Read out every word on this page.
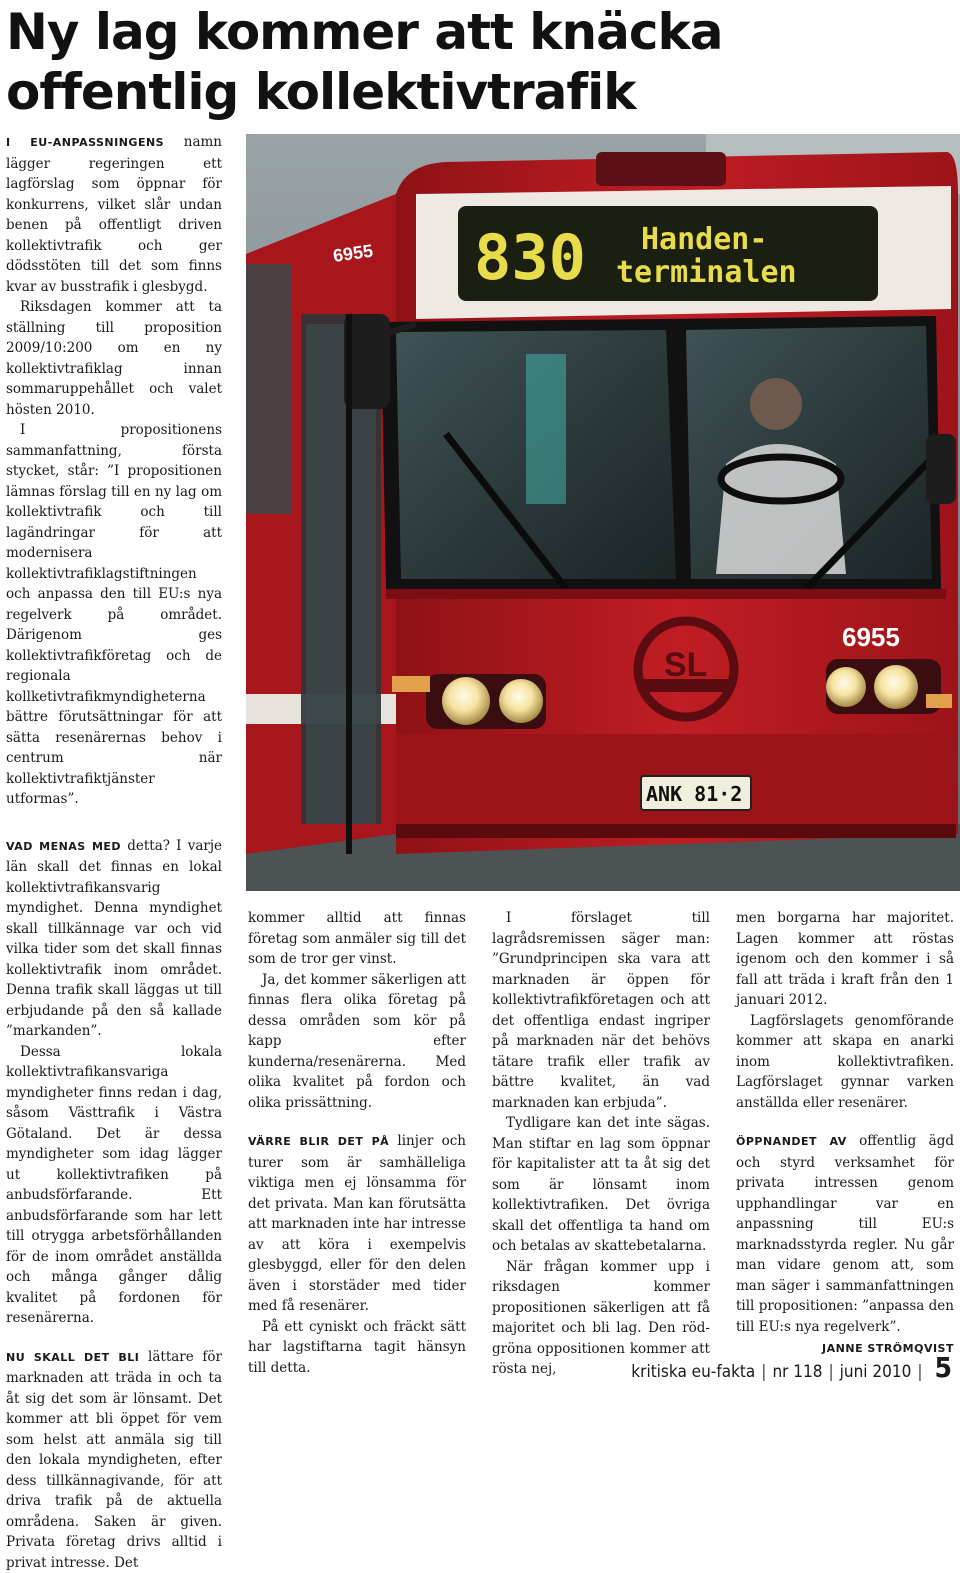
Ny lag kommer att knäcka offentlig kollektivtrafik
830 Handen-
terminalen
6955
6955
SL
ANK 81·2

I EU-ANPASSNINGENS namn lägger regeringen ett lagförslag som öppnar för konkurrens, vilket slår undan benen på offentligt driven kollektivtrafik och ger dödsstöten till det som finns kvar av busstrafik i glesbygd.

Riksdagen kommer att ta ställning till proposition 2009/10:200 om en ny kollektivtrafiklag innan sommaruppehållet och valet hösten 2010.

I propositionens sammanfattning, första stycket, står: ”I propositionen lämnas förslag till en ny lag om kollektivtrafik och till lagändringar för att modernisera kollektivtrafiklagstiftningen och anpassa den till EU:s nya regelverk på området. Därigenom ges kollektivtrafikföretag och de regionala kollketivtrafikmyndigheterna bättre förutsättningar för att sätta resenärernas behov i centrum när kollektivtrafiktjänster utformas”.

VAD MENAS MED detta? I varje län skall det finnas en lokal kollektivtrafikansvarig myndighet. Denna myndighet skall tillkännage var och vid vilka tider som det skall finnas kollektivtrafik inom området. Denna trafik skall läggas ut till erbjudande på den så kallade ”markanden”.

Dessa lokala kollektivtrafikansvariga myndigheter finns redan i dag, såsom Västtrafik i Västra Götaland. Det är dessa myndigheter som idag lägger ut kollektivtrafiken på anbudsförfarande. Ett anbudsförfarande som har lett till otrygga arbetsförhållanden för de inom området anställda och många gånger dålig kvalitet på fordonen för resenärerna.

NU SKALL DET BLI lättare för marknaden att träda in och ta åt sig det som är lönsamt. Det kommer att bli öppet för vem som helst att anmäla sig till den lokala myndigheten, efter dess tillkännagivande, för att driva trafik på de aktuella områdena. Saken är given. Privata företag drivs alltid i privat intresse. Det

kommer alltid att finnas företag som anmäler sig till det som de tror ger vinst.

Ja, det kommer säkerligen att finnas flera olika företag på dessa områden som kör på kapp efter kunderna/resenärerna. Med olika kvalitet på fordon och olika prissättning.

VÄRRE BLIR DET PÅ linjer och turer som är samhälleliga viktiga men ej lönsamma för det privata. Man kan förutsätta att marknaden inte har intresse av att köra i exempelvis glesbyggd, eller för den delen även i storstäder med tider med få resenärer.

På ett cyniskt och fräckt sätt har lagstiftarna tagit hänsyn till detta.

I förslaget till lagrådsremissen säger man: ”Grundprincipen ska vara att marknaden är öppen för kollektivtrafikföretagen och att det offentliga endast ingriper på marknaden när det behövs tätare trafik eller trafik av bättre kvalitet, än vad marknaden kan erbjuda”.

Tydligare kan det inte sägas. Man stiftar en lag som öppnar för kapitalister att ta åt sig det som är lönsamt inom kollektivtrafiken. Det övriga skall det offentliga ta hand om och betalas av skattebetalarna.

När frågan kommer upp i riksdagen kommer propositionen säkerligen att få majoritet och bli lag. Den röd-gröna oppositionen kommer att rösta nej,

men borgarna har majoritet. Lagen kommer att röstas igenom och den kommer i så fall att träda i kraft från den 1 januari 2012.

Lagförslagets genomförande kommer att skapa en anarki inom kollektivtrafiken. Lagförslaget gynnar varken anställda eller resenärer.

ÖPPNANDET AV offentlig ägd och styrd verksamhet för privata intressen genom upphandlingar var en anpassning till EU:s marknadsstyrda regler. Nu går man vidare genom att, som man säger i sammanfattningen till propositionen: ”anpassa den till EU:s nya regelverk”.

JANNE STRÖMQVIST
kritiska eu-fakta | nr 118 | juni 2010 | 5
